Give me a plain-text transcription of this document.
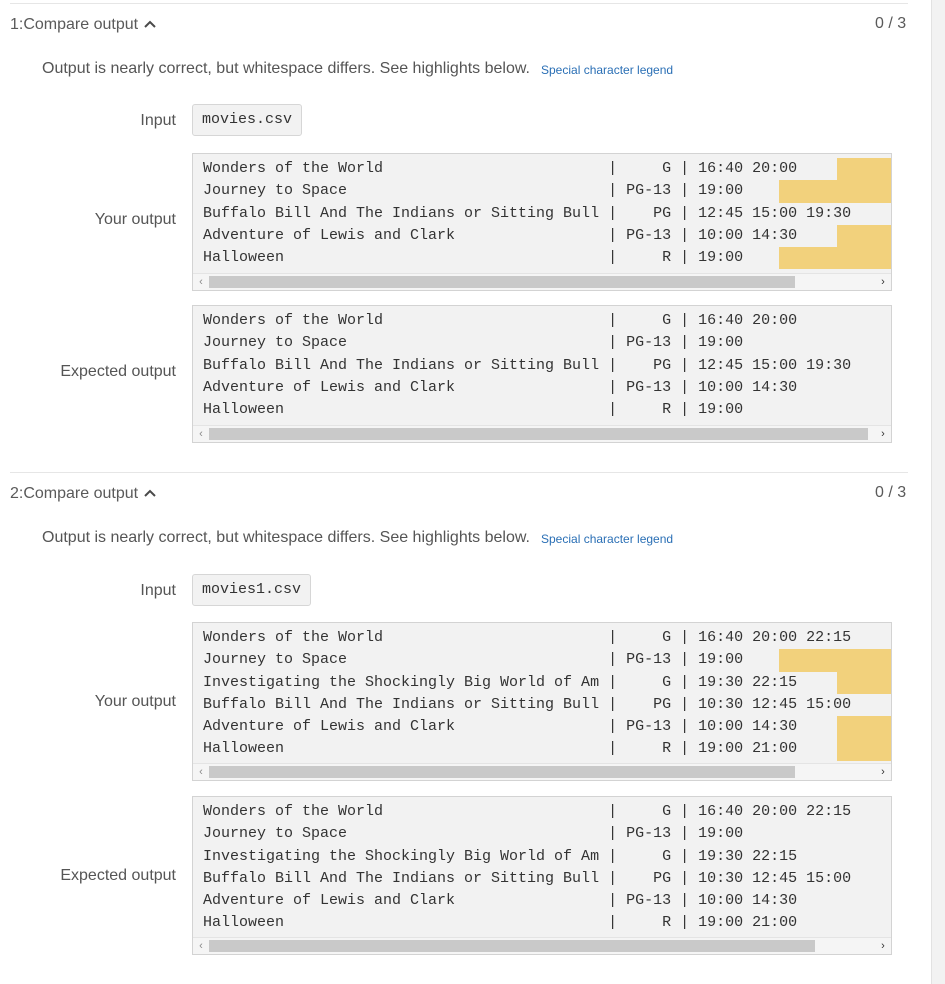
1:Compare output	0 / 3
Output is nearly correct, but whitespace differs. See highlights below. Special character legend
Input	movies.csv
Your output
Wonders of the World                         |     G | 16:40 20:00
Journey to Space                             | PG-13 | 19:00
Buffalo Bill And The Indians or Sitting Bull |    PG | 12:45 15:00 19:30
Adventure of Lewis and Clark                 | PG-13 | 10:00 14:30
Halloween                                    |     R | 19:00
‹	›
Expected output
Wonders of the World                         |     G | 16:40 20:00
Journey to Space                             | PG-13 | 19:00
Buffalo Bill And The Indians or Sitting Bull |    PG | 12:45 15:00 19:30
Adventure of Lewis and Clark                 | PG-13 | 10:00 14:30
Halloween                                    |     R | 19:00
‹	›
2:Compare output	0 / 3
Output is nearly correct, but whitespace differs. See highlights below. Special character legend
Input	movies1.csv
Your output
Wonders of the World                         |     G | 16:40 20:00 22:15
Journey to Space                             | PG-13 | 19:00
Investigating the Shockingly Big World of Am |     G | 19:30 22:15
Buffalo Bill And The Indians or Sitting Bull |    PG | 10:30 12:45 15:00
Adventure of Lewis and Clark                 | PG-13 | 10:00 14:30
Halloween                                    |     R | 19:00 21:00
‹	›
Expected output
Wonders of the World                         |     G | 16:40 20:00 22:15
Journey to Space                             | PG-13 | 19:00
Investigating the Shockingly Big World of Am |     G | 19:30 22:15
Buffalo Bill And The Indians or Sitting Bull |    PG | 10:30 12:45 15:00
Adventure of Lewis and Clark                 | PG-13 | 10:00 14:30
Halloween                                    |     R | 19:00 21:00
‹	›
